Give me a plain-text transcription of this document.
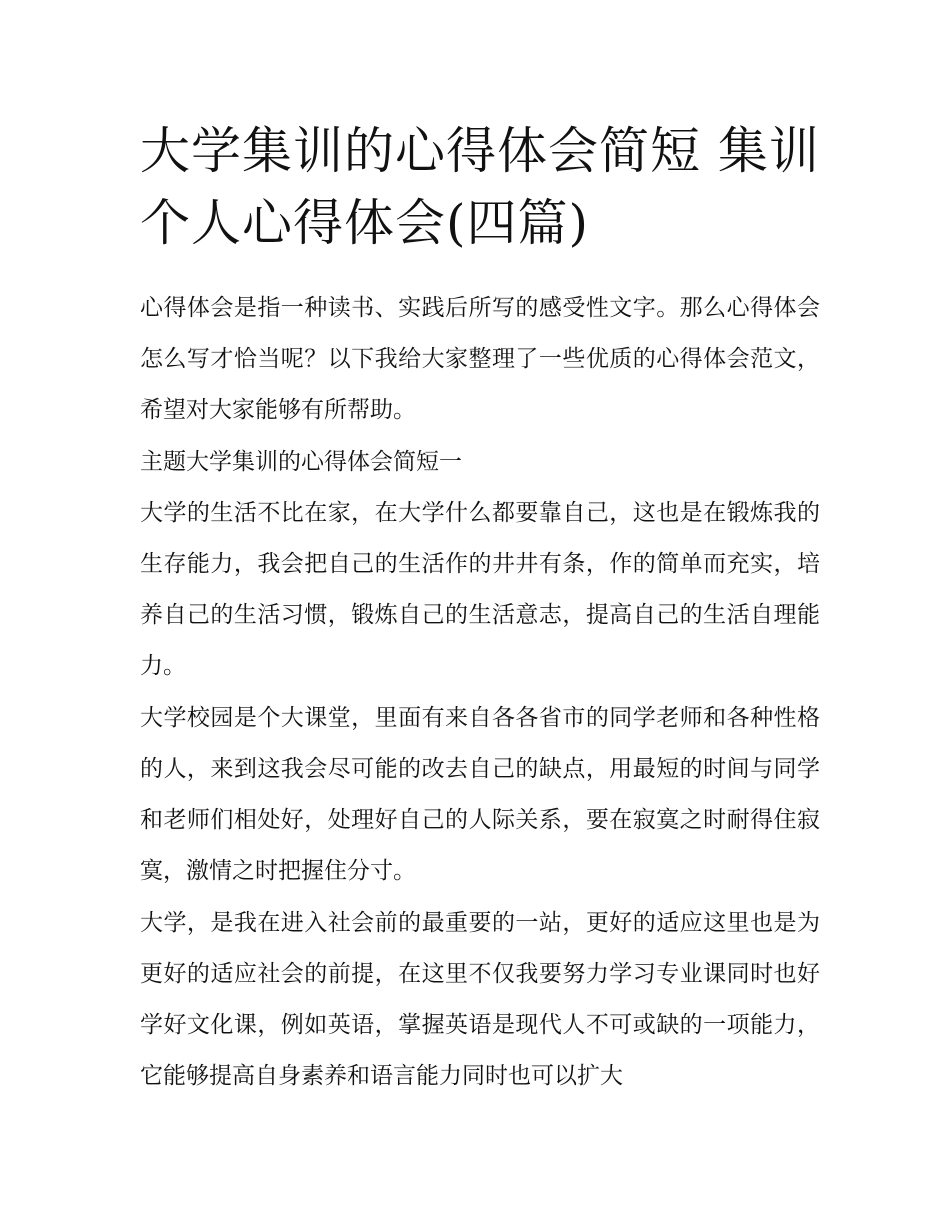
大学集训的心得体会简短 集训
个人心得体会(四篇)

心得体会是指一种读书、实践后所写的感受性文字。那么心得体会怎么写才恰当呢？以下我给大家整理了一些优质的心得体会范文，希望对大家能够有所帮助。

主题大学集训的心得体会简短一

大学的生活不比在家，在大学什么都要靠自己，这也是在锻炼我的生存能力，我会把自己的生活作的井井有条，作的简单而充实，培养自己的生活习惯，锻炼自己的生活意志，提高自己的生活自理能力。

大学校园是个大课堂，里面有来自各各省市的同学老师和各种性格的人，来到这我会尽可能的改去自己的缺点，用最短的时间与同学和老师们相处好，处理好自己的人际关系，要在寂寞之时耐得住寂寞，激情之时把握住分寸。

大学，是我在进入社会前的最重要的一站，更好的适应这里也是为更好的适应社会的前提，在这里不仅我要努力学习专业课同时也好学好文化课，例如英语，掌握英语是现代人不可或缺的一项能力，它能够提高自身素养和语言能力同时也可以扩大
